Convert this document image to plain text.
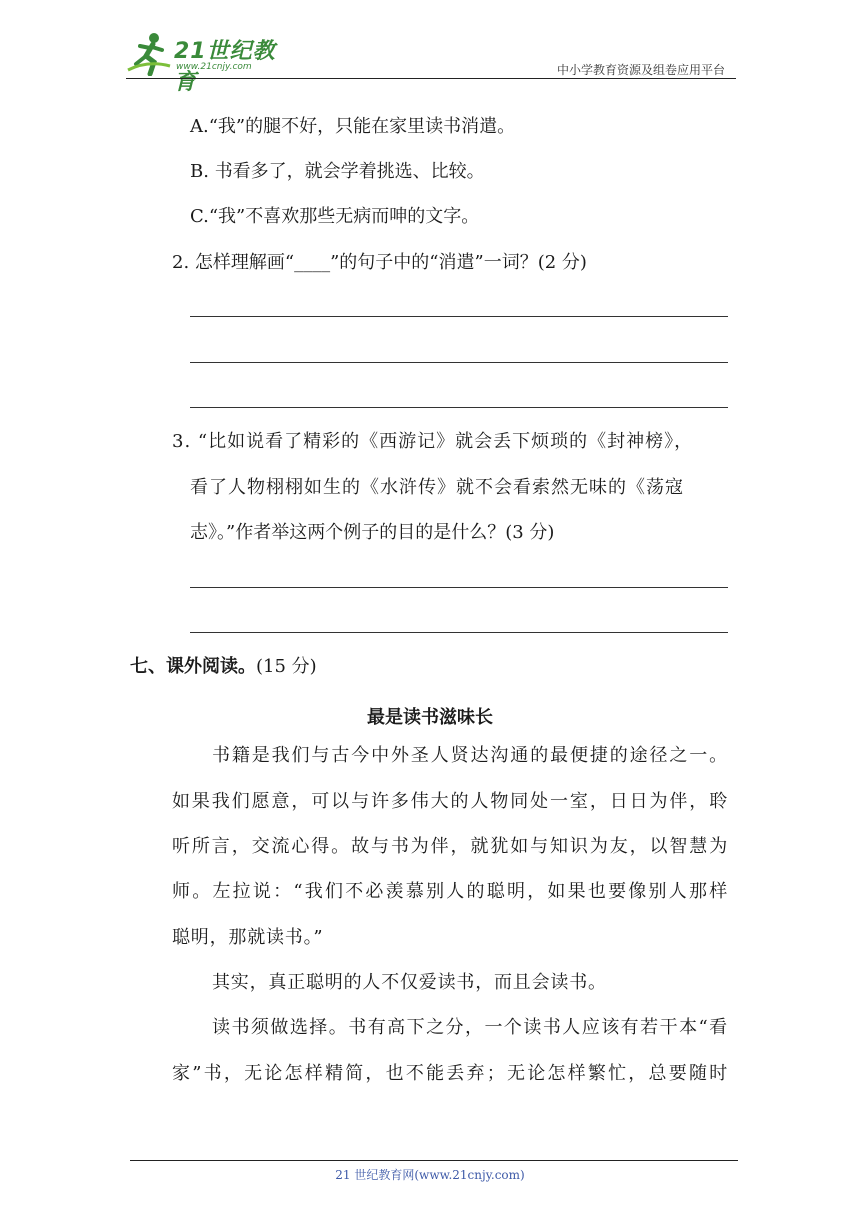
21世纪教育
www.21cnjy.com	中小学教育资源及组卷应用平台
A.“我”的腿不好，只能在家里读书消遣。
B. 书看多了，就会学着挑选、比较。
C.“我”不喜欢那些无病而呻的文字。
2. 怎样理解画“____”的句子中的“消遣”一词？(2 分)
3. “比如说看了精彩的《西游记》就会丢下烦琐的《封神榜》，
看了人物栩栩如生的《水浒传》就不会看索然无味的《荡寇
志》。”作者举这两个例子的目的是什么？(3 分)
七、课外阅读。(15 分)
最是读书滋味长
书籍是我们与古今中外圣人贤达沟通的最便捷的途径之一。
如果我们愿意，可以与许多伟大的人物同处一室，日日为伴，聆
听所言，交流心得。故与书为伴，就犹如与知识为友，以智慧为
师。左拉说：“我们不必羡慕别人的聪明，如果也要像别人那样
聪明，那就读书。”
其实，真正聪明的人不仅爱读书，而且会读书。
读书须做选择。书有高下之分，一个读书人应该有若干本“看
家”书，无论怎样精简，也不能丢弃；无论怎样繁忙，总要随时
21 世纪教育网(www.21cnjy.com)
